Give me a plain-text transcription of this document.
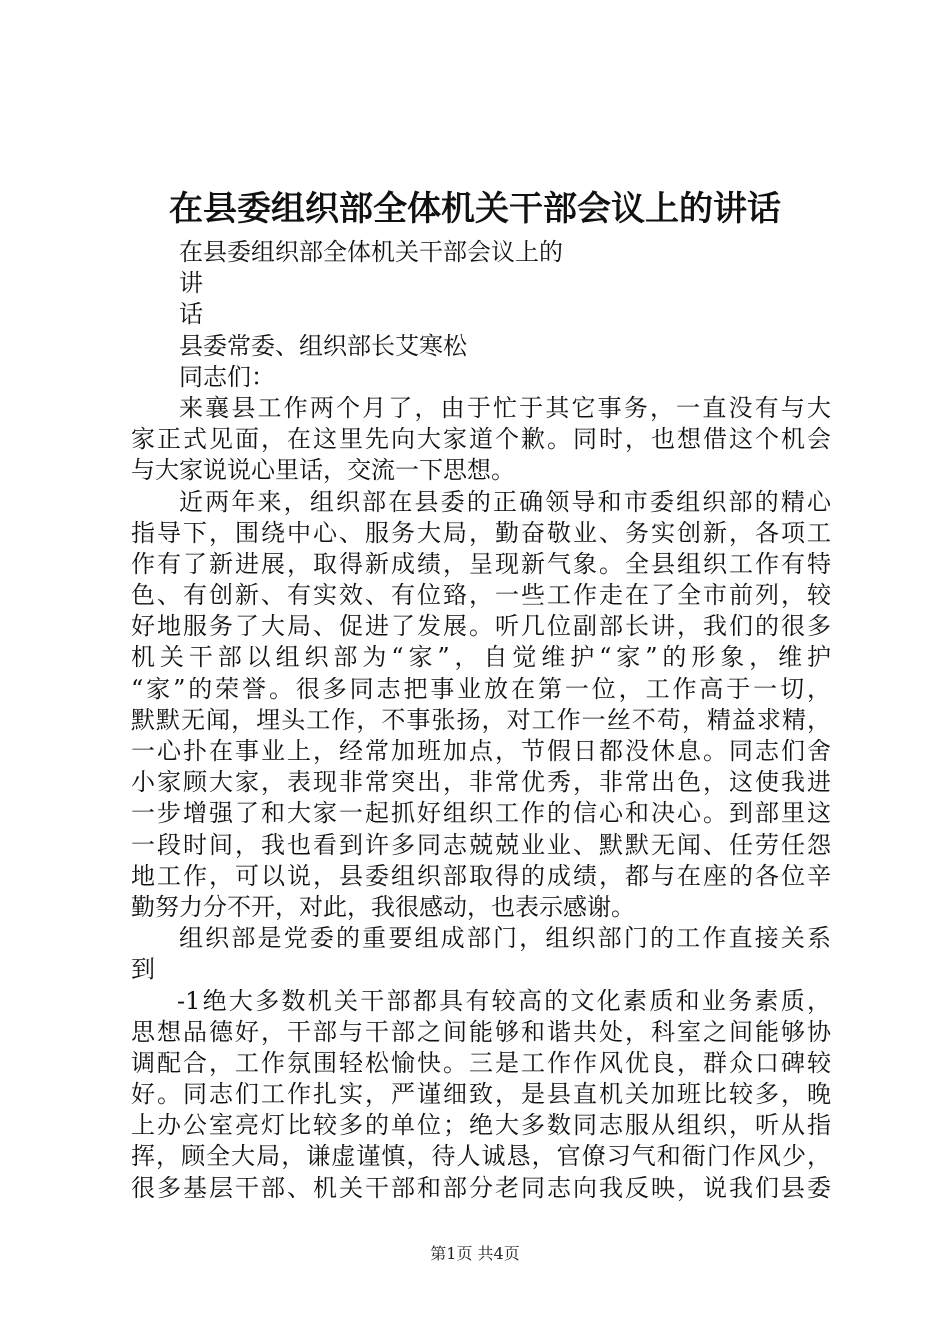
在县委组织部全体机关干部会议上的讲话
在县委组织部全体机关干部会议上的
讲
话
县委常委、组织部长艾寒松
同志们：
来襄县工作两个月了，由于忙于其它事务，一直没有与大
家正式见面，在这里先向大家道个歉。同时，也想借这个机会
与大家说说心里话，交流一下思想。
近两年来，组织部在县委的正确领导和市委组织部的精心
指导下，围绕中心、服务大局，勤奋敬业、务实创新，各项工
作有了新进展，取得新成绩，呈现新气象。全县组织工作有特
色、有创新、有实效、有位臵，一些工作走在了全市前列，较
好地服务了大局、促进了发展。听几位副部长讲，我们的很多
机关干部以组织部为“家”，自觉维护“家”的形象，维护
“家”的荣誉。很多同志把事业放在第一位，工作高于一切，
默默无闻，埋头工作，不事张扬，对工作一丝不苟，精益求精，
一心扑在事业上，经常加班加点，节假日都没休息。同志们舍
小家顾大家，表现非常突出，非常优秀，非常出色，这使我进
一步增强了和大家一起抓好组织工作的信心和决心。到部里这
一段时间，我也看到许多同志兢兢业业、默默无闻、任劳任怨
地工作，可以说，县委组织部取得的成绩，都与在座的各位辛
勤努力分不开，对此，我很感动，也表示感谢。
组织部是党委的重要组成部门，组织部门的工作直接关系
到
-1绝大多数机关干部都具有较高的文化素质和业务素质，
思想品德好，干部与干部之间能够和谐共处，科室之间能够协
调配合，工作氛围轻松愉快。三是工作作风优良，群众口碑较
好。同志们工作扎实，严谨细致，是县直机关加班比较多，晚
上办公室亮灯比较多的单位；绝大多数同志服从组织，听从指
挥，顾全大局，谦虚谨慎，待人诚恳，官僚习气和衙门作风少，
很多基层干部、机关干部和部分老同志向我反映，说我们县委
第1页 共4页
